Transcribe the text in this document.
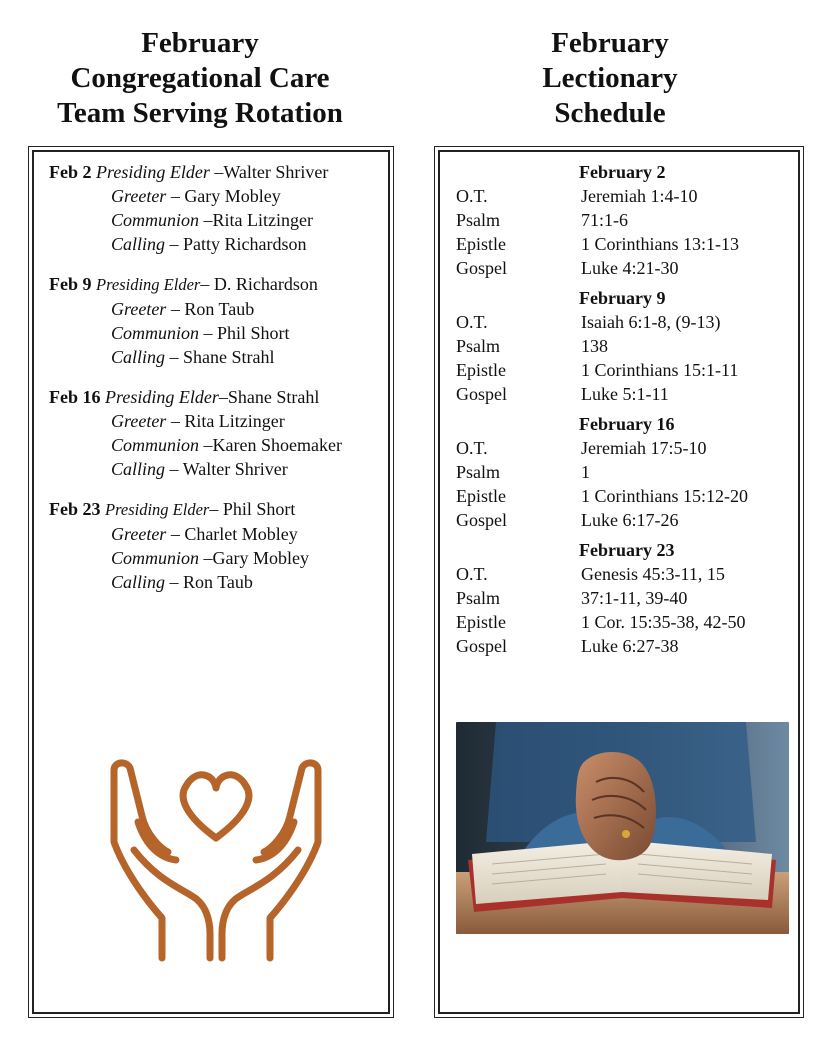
February
Congregational Care
Team Serving Rotation
February
Lectionary
Schedule
Feb 2 Presiding Elder –Walter Shriver
Greeter – Gary Mobley
Communion –Rita Litzinger
Calling – Patty Richardson
Feb 9 Presiding Elder– D. Richardson
Greeter – Ron Taub
Communion – Phil Short
Calling – Shane Strahl
Feb 16 Presiding Elder–Shane Strahl
Greeter – Rita Litzinger
Communion –Karen Shoemaker
Calling – Walter Shriver
Feb 23 Presiding Elder– Phil Short
Greeter – Charlet Mobley
Communion –Gary Mobley
Calling – Ron Taub
February 2
O.T.	Jeremiah 1:4-10
Psalm	71:1-6
Epistle	1 Corinthians 13:1-13
Gospel	Luke 4:21-30
February 9
O.T.	Isaiah 6:1-8, (9-13)
Psalm	138
Epistle	1 Corinthians 15:1-11
Gospel	Luke 5:1-11
February 16
O.T.	Jeremiah 17:5-10
Psalm	1
Epistle	1 Corinthians 15:12-20
Gospel	Luke 6:17-26
February 23
O.T.	Genesis 45:3-11, 15
Psalm	37:1-11, 39-40
Epistle	1 Cor. 15:35-38, 42-50
Gospel	Luke 6:27-38
